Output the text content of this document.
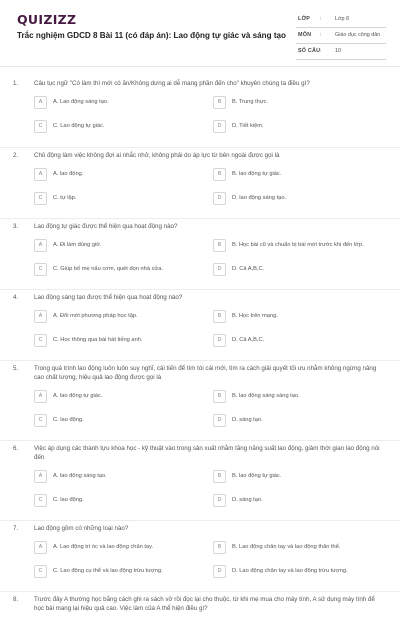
QUIZIZZ
Trắc nghiệm GDCD 8 Bài 11 (có đáp án): Lao động tự giác và sáng tạo
LỚP :	Lớp 8
MÔN :	Giáo dục công dân
SỐ CÂU :	10
1.	Câu tục ngữ "Có làm thì mới có ăn/Không dưng ai dễ mang phần đến cho" khuyên chúng ta điều gì?
A	A. Lao động sáng tạo.	B	B. Trung thực.
C	C. Lao động tự giác.	D	D. Tiết kiệm.
2.	Chủ động làm việc không đợi ai nhắc nhở, không phải do áp lực từ bên ngoài được gọi là
A	A. lao động.	B	B. lao động tự giác.
C	C. tự lập.	D	D. lao động sáng tạo.
3.	Lao động tự giác được thể hiện qua hoạt động nào?
A	A. Đi làm đúng giờ.	B	B. Học bài cũ và chuẩn bị bài mới trước khi đến lớp.
C	C. Giúp bố mẹ nấu cơm, quét dọn nhà cửa.	D	D. Cả A,B,C.
4.	Lao động sáng tạo được thể hiện qua hoạt động nào?
A	A. Đổi mới phương pháp học tập.	B	B. Học trên mạng.
C	C. Học thông qua bài hát tiếng anh.	D	D. Cả A,B,C.
5.	Trong quá trình lao động luôn luôn suy nghĩ, cải tiến để tìm tòi cái mới, tìm ra cách giải quyết tối ưu nhằm không ngừng nâng cao chất lượng, hiệu quả lao động được gọi là
A	A. lao động tự giác.	B	B. lao động sáng sáng tạo.
C	C. lao động.	D	D. sáng tạo.
6.	Việc áp dụng các thành tựu khoa học - kỹ thuật vào trong sản xuất nhằm tăng năng suất lao động, giảm thời gian lao động nói đến
A	A. lao động sáng tạo.	B	B. lao động tự giác.
C	C. lao động.	D	D. sáng tạo.
7.	Lao động gồm có những loại nào?
A	A. Lao động trí óc và lao động chân tay.	B	B. Lao động chân tay và lao động thân thể.
C	C. Lao động cụ thể và lao động trừu tượng.	D	D. Lao động chân tay và lao động trừu tượng.
8.	Trước đây A thường học bằng cách ghi ra sách vở rồi đọc lại cho thuộc, từ khi mẹ mua cho máy tính, A sử dụng máy tính để học bài mang lại hiệu quả cao. Việc làm của A thể hiện điều gì?
